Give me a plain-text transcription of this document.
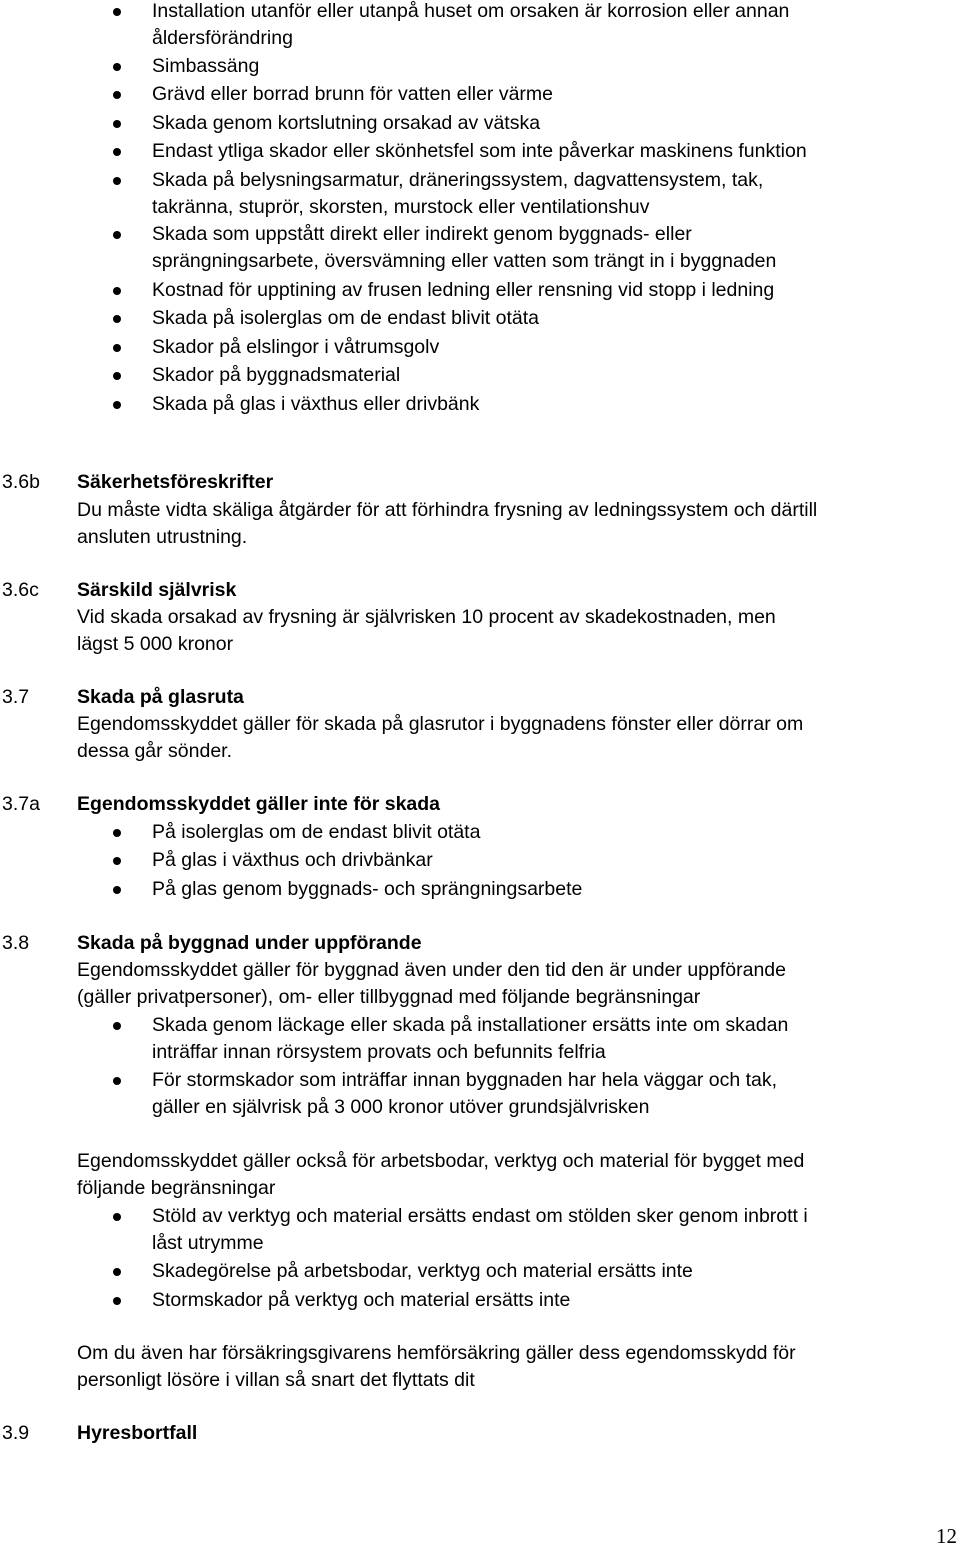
Installation utanför eller utanpå huset om orsaken är korrosion eller annan
åldersförändring
Simbassäng
Grävd eller borrad brunn för vatten eller värme
Skada genom kortslutning orsakad av vätska
Endast ytliga skador eller skönhetsfel som inte påverkar maskinens funktion
Skada på belysningsarmatur, dräneringssystem, dagvattensystem, tak,
takränna, stuprör, skorsten, murstock eller ventilationshuv
Skada som uppstått direkt eller indirekt genom byggnads- eller
sprängningsarbete, översvämning eller vatten som trängt in i byggnaden
Kostnad för upptining av frusen ledning eller rensning vid stopp i ledning
Skada på isolerglas om de endast blivit otäta
Skador på elslingor i våtrumsgolv
Skador på byggnadsmaterial
Skada på glas i växthus eller drivbänk
3.6b Säkerhetsföreskrifter
Du måste vidta skäliga åtgärder för att förhindra frysning av ledningssystem och därtill
ansluten utrustning.
3.6c Särskild självrisk
Vid skada orsakad av frysning är självrisken 10 procent av skadekostnaden, men
lägst 5 000 kronor
3.7 Skada på glasruta
Egendomsskyddet gäller för skada på glasrutor i byggnadens fönster eller dörrar om
dessa går sönder.
3.7a Egendomsskyddet gäller inte för skada
På isolerglas om de endast blivit otäta
På glas i växthus och drivbänkar
På glas genom byggnads- och sprängningsarbete
3.8 Skada på byggnad under uppförande
Egendomsskyddet gäller för byggnad även under den tid den är under uppförande
(gäller privatpersoner), om- eller tillbyggnad med följande begränsningar
Skada genom läckage eller skada på installationer ersätts inte om skadan
inträffar innan rörsystem provats och befunnits felfria
För stormskador som inträffar innan byggnaden har hela väggar och tak,
gäller en självrisk på 3 000 kronor utöver grundsjälvrisken
Egendomsskyddet gäller också för arbetsbodar, verktyg och material för bygget med
följande begränsningar
Stöld av verktyg och material ersätts endast om stölden sker genom inbrott i
låst utrymme
Skadegörelse på arbetsbodar, verktyg och material ersätts inte
Stormskador på verktyg och material ersätts inte
Om du även har försäkringsgivarens hemförsäkring gäller dess egendomsskydd för
personligt lösöre i villan så snart det flyttats dit
3.9 Hyresbortfall
12
